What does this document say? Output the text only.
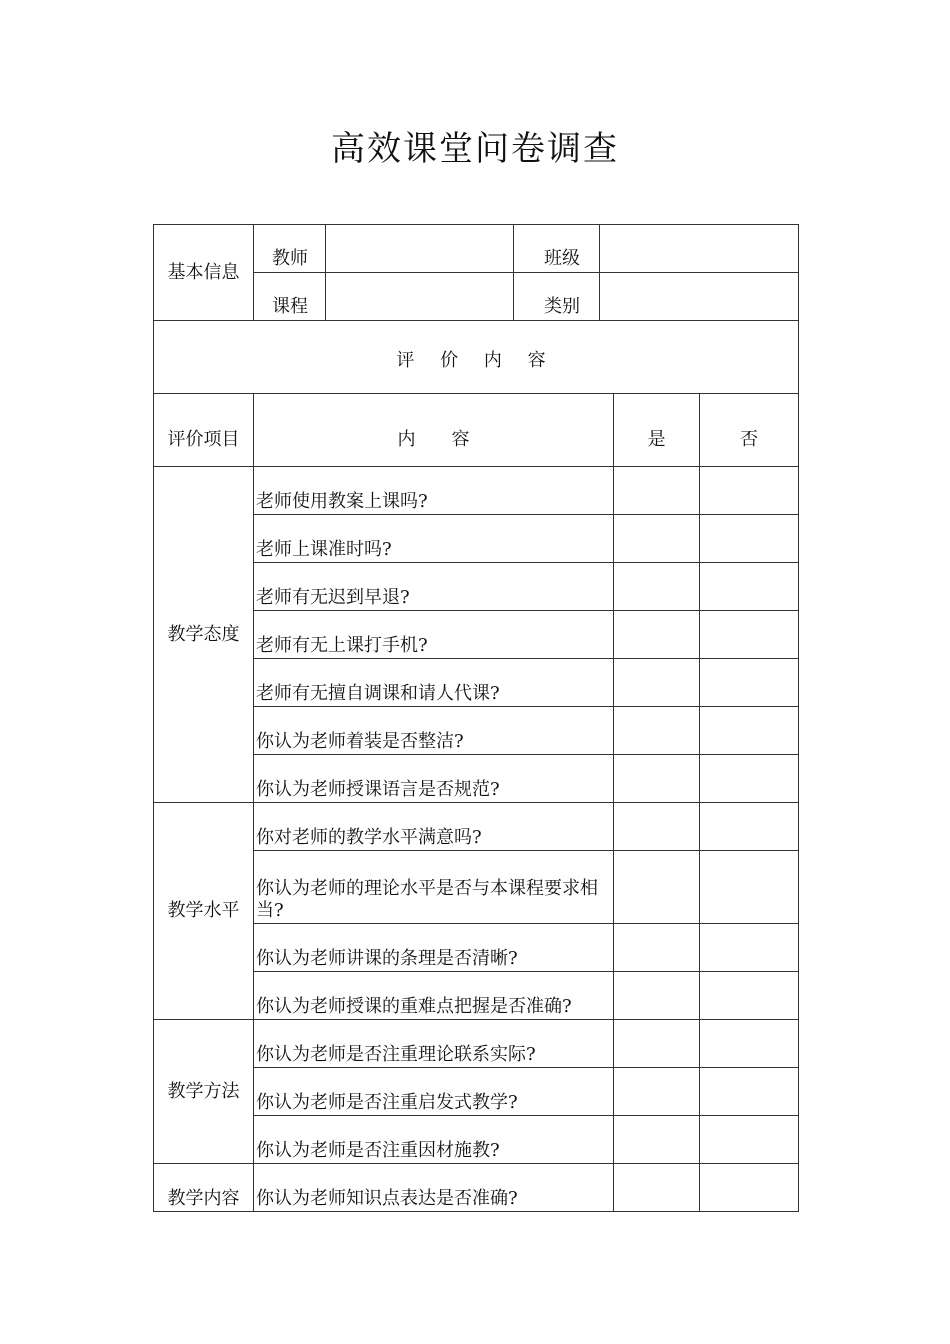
高效课堂问卷调查
基本信息	教师		班级			

	课程		类别			

评 价 内 容						
评价项目	内　　容				是	否
教学态度	老师使用教案上课吗?					
	老师上课准时吗?					
	老师有无迟到早退?					
	老师有无上课打手机?					
	老师有无擅自调课和请人代课?					
	你认为老师着装是否整洁?					
	你认为老师授课语言是否规范?					
教学水平	你对老师的教学水平满意吗?					
	你认为老师的理论水平是否与本课程要求相当?					
	你认为老师讲课的条理是否清晰?					
	你认为老师授课的重难点把握是否准确?					
教学方法	你认为老师是否注重理论联系实际?					
	你认为老师是否注重启发式教学?					
	你认为老师是否注重因材施教?					
教学内容	你认为老师知识点表达是否准确?					
